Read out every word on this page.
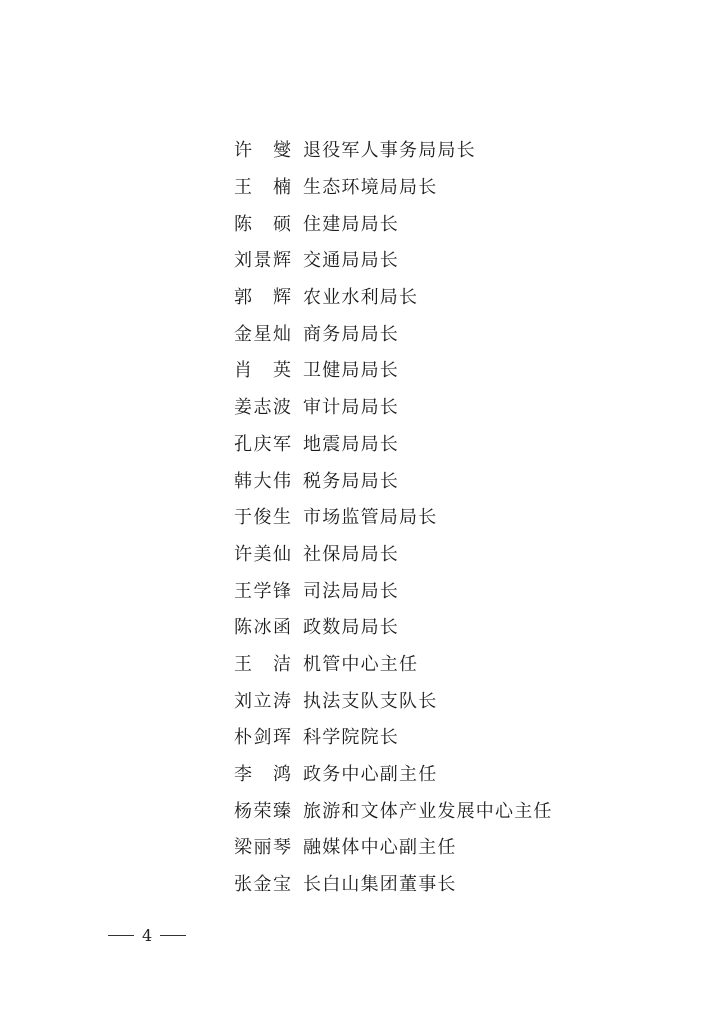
许 燮 退役军人事务局局长
王 楠 生态环境局局长
陈 硕 住建局局长
刘 景 辉 交通局局长
郭 辉 农业水利局长
金 星 灿 商务局局长
肖 英 卫健局局长
姜 志 波 审计局局长
孔 庆 军 地震局局长
韩 大 伟 税务局局长
于 俊 生 市场监管局局长
许 美 仙 社保局局长
王 学 锋 司法局局长
陈 冰 函 政数局局长
王 洁 机管中心主任
刘 立 涛 执法支队支队长
朴 剑 珲 科学院院长
李 鸿 政务中心副主任
杨 荣 臻 旅游和文体产业发展中心主任
梁 丽 琴 融媒体中心副主任
张 金 宝 长白山集团董事长
4
